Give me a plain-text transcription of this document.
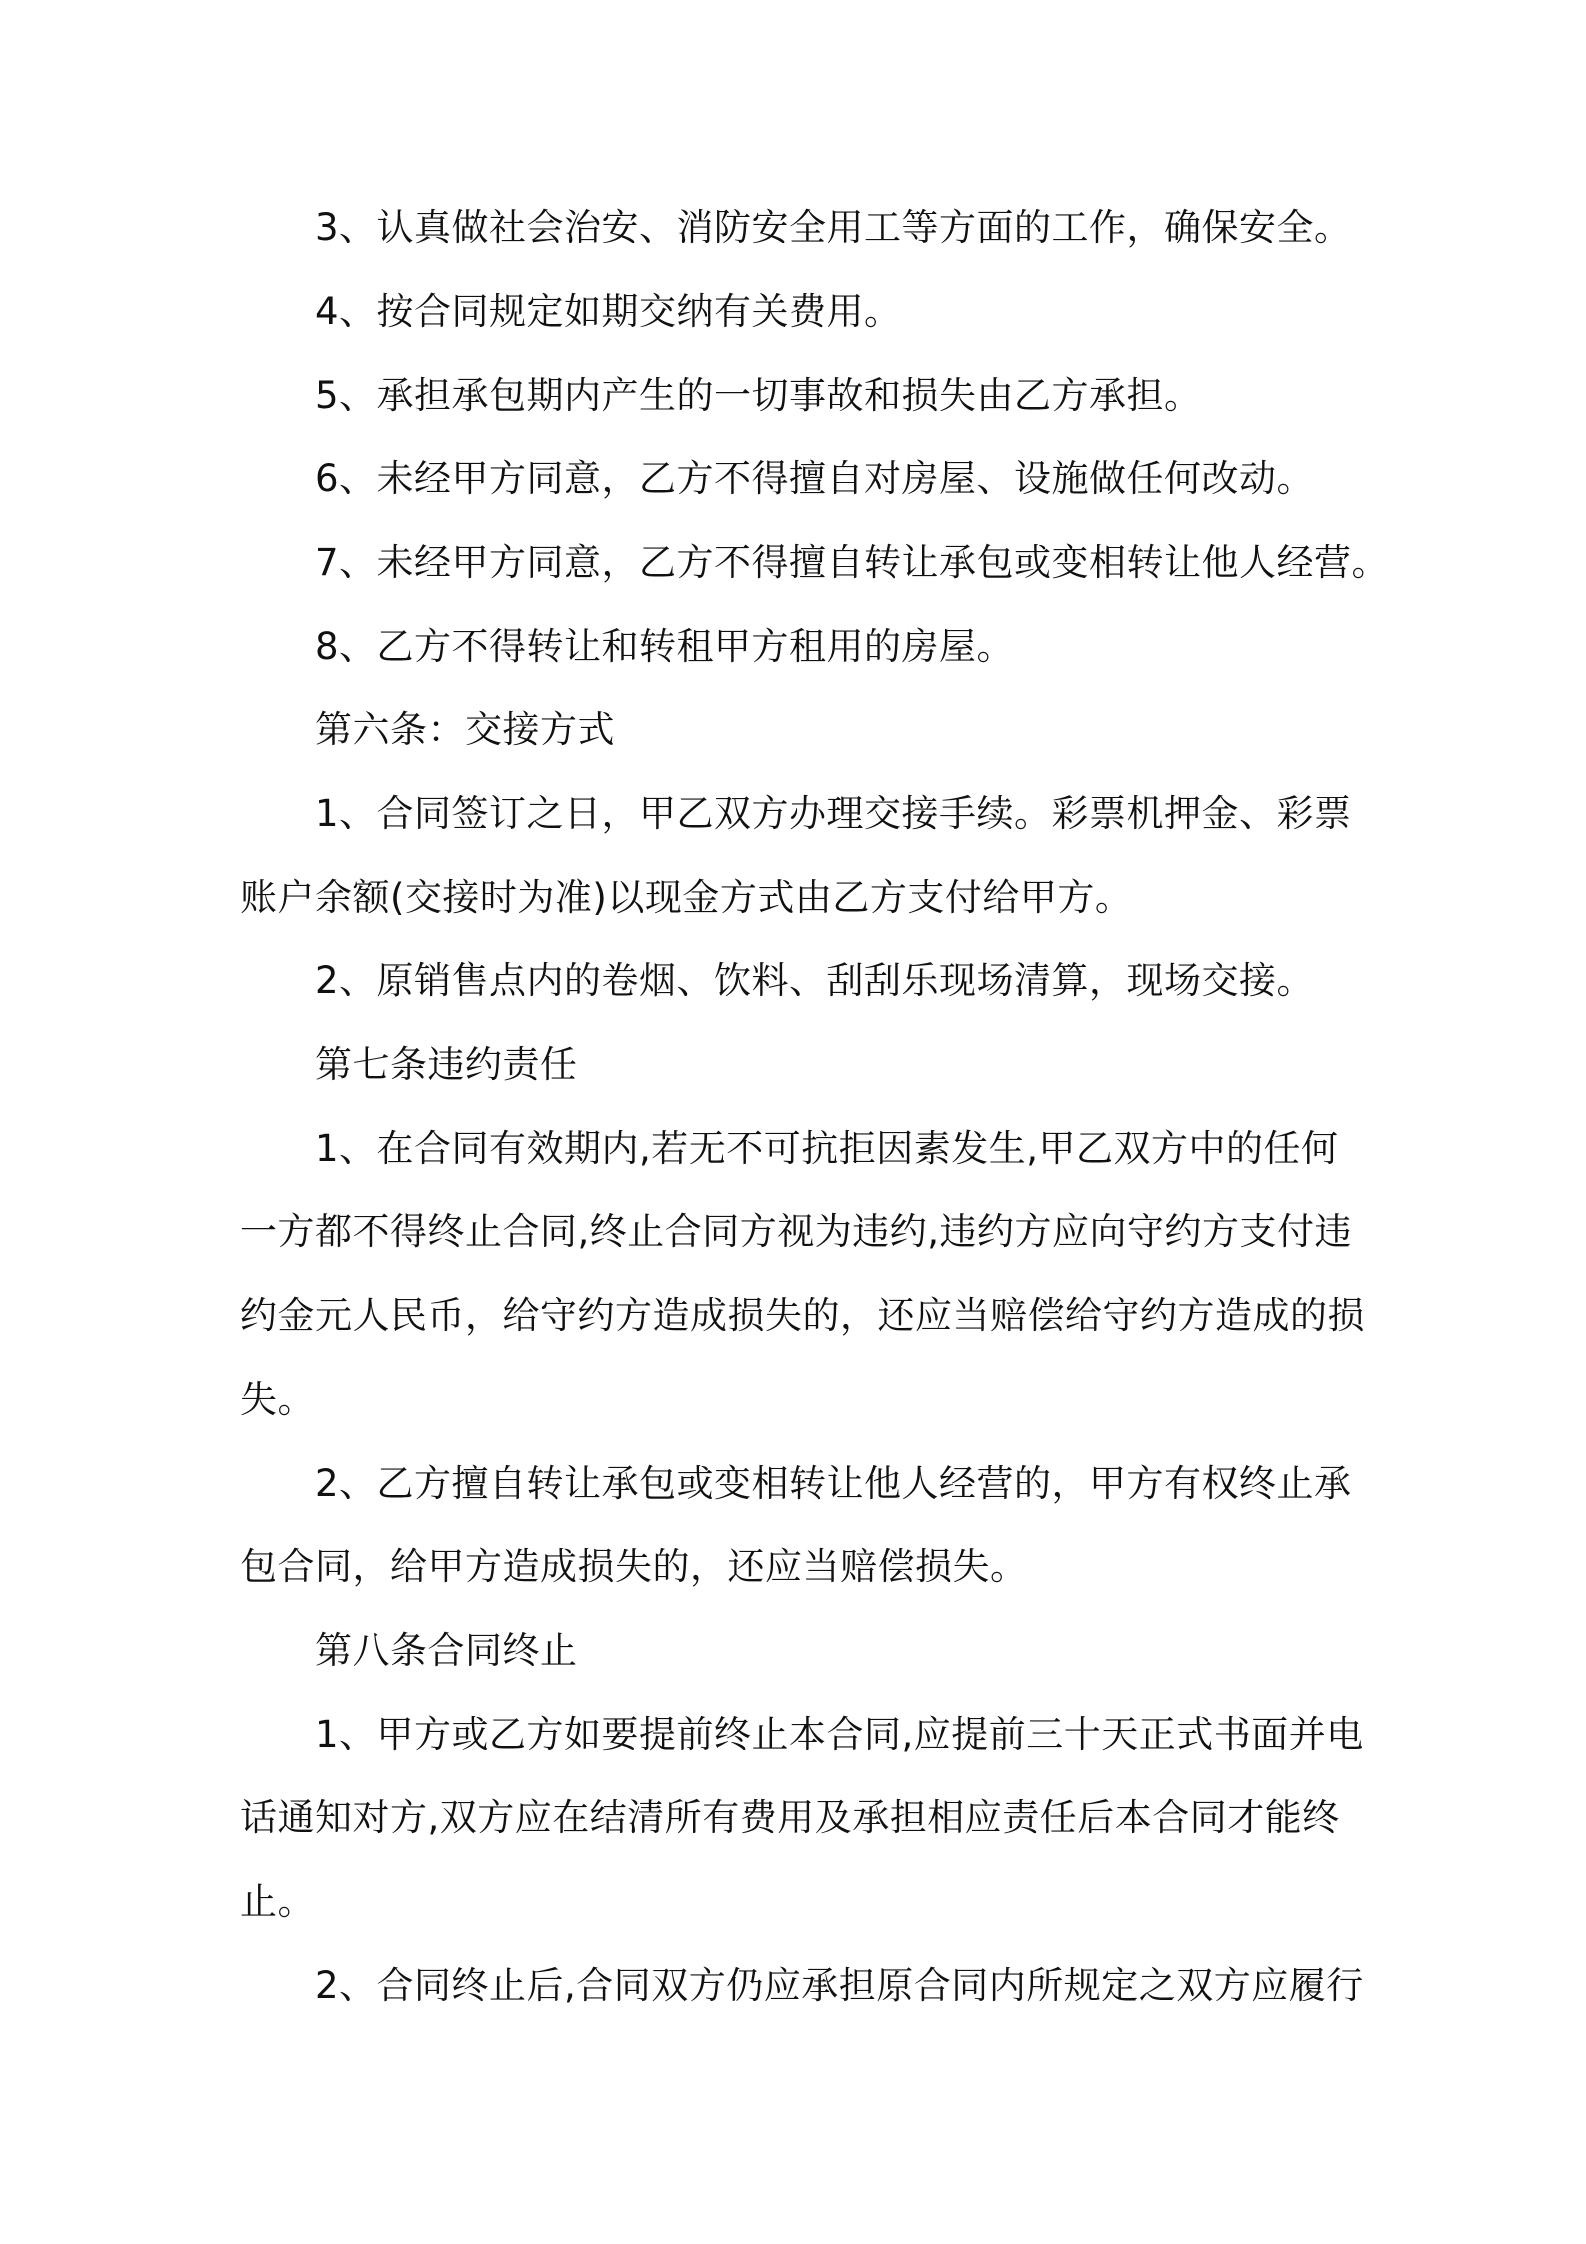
3、认真做社会治安、消防安全用工等方面的工作，确保安全。
4、按合同规定如期交纳有关费用。
5、承担承包期内产生的一切事故和损失由乙方承担。
6、未经甲方同意，乙方不得擅自对房屋、设施做任何改动。
7、未经甲方同意，乙方不得擅自转让承包或变相转让他人经营。
8、乙方不得转让和转租甲方租用的房屋。
第六条：交接方式
1、合同签订之日，甲乙双方办理交接手续。彩票机押金、彩票
账户余额(交接时为准)以现金方式由乙方支付给甲方。
2、原销售点内的卷烟、饮料、刮刮乐现场清算，现场交接。
第七条违约责任
1、在合同有效期内,若无不可抗拒因素发生,甲乙双方中的任何
一方都不得终止合同,终止合同方视为违约,违约方应向守约方支付违
约金元人民币，给守约方造成损失的，还应当赔偿给守约方造成的损
失。
2、乙方擅自转让承包或变相转让他人经营的，甲方有权终止承
包合同，给甲方造成损失的，还应当赔偿损失。
第八条合同终止
1、甲方或乙方如要提前终止本合同,应提前三十天正式书面并电
话通知对方,双方应在结清所有费用及承担相应责任后本合同才能终
止。
2、合同终止后,合同双方仍应承担原合同内所规定之双方应履行
